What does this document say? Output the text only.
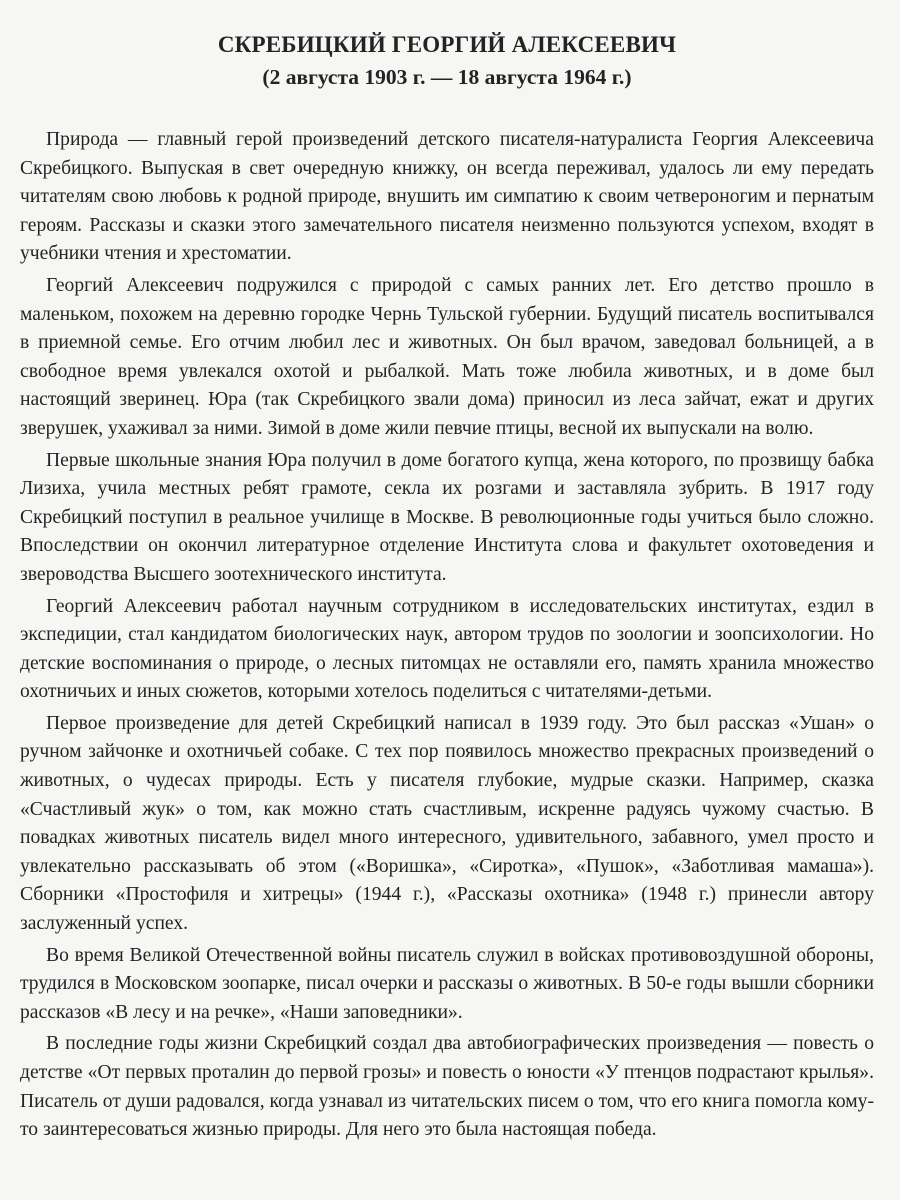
СКРЕБИЦКИЙ ГЕОРГИЙ АЛЕКСЕЕВИЧ
(2 августа 1903 г. — 18 августа 1964 г.)

Природа — главный герой произведений детского писателя-натуралиста Георгия Алексеевича Скребицкого. Выпуская в свет очередную книжку, он всегда переживал, удалось ли ему передать читателям свою любовь к родной природе, внушить им симпатию к своим четвероногим и пернатым героям. Рассказы и сказки этого замечательного писателя неизменно пользуются успехом, входят в учебники чтения и хрестоматии.

Георгий Алексеевич подружился с природой с самых ранних лет. Его детство прошло в маленьком, похожем на деревню городке Чернь Тульской губернии. Будущий писатель воспитывался в приемной семье. Его отчим любил лес и животных. Он был врачом, заведовал больницей, а в свободное время увлекался охотой и рыбалкой. Мать тоже любила животных, и в доме был настоящий зверинец. Юра (так Скребицкого звали дома) приносил из леса зайчат, ежат и других зверушек, ухаживал за ними. Зимой в доме жили певчие птицы, весной их выпускали на волю.

Первые школьные знания Юра получил в доме богатого купца, жена которого, по прозвищу бабка Лизиха, учила местных ребят грамоте, секла их розгами и заставляла зубрить. В 1917 году Скребицкий поступил в реальное училище в Москве. В революционные годы учиться было сложно. Впоследствии он окончил литературное отделение Института слова и факультет охотоведения и звероводства Высшего зоотехнического института.

Георгий Алексеевич работал научным сотрудником в исследовательских институтах, ездил в экспедиции, стал кандидатом биологических наук, автором трудов по зоологии и зоопсихологии. Но детские воспоминания о природе, о лесных питомцах не оставляли его, память хранила множество охотничьих и иных сюжетов, которыми хотелось поделиться с читателями-детьми.

Первое произведение для детей Скребицкий написал в 1939 году. Это был рассказ «Ушан» о ручном зайчонке и охотничьей собаке. С тех пор появилось множество прекрасных произведений о животных, о чудесах природы. Есть у писателя глубокие, мудрые сказки. Например, сказка «Счастливый жук» о том, как можно стать счастливым, искренне радуясь чужому счастью. В повадках животных писатель видел много интересного, удивительного, забавного, умел просто и увлекательно рассказывать об этом («Воришка», «Сиротка», «Пушок», «Заботливая мамаша»). Сборники «Простофиля и хитрецы» (1944 г.), «Рассказы охотника» (1948 г.) принесли автору заслуженный успех.

Во время Великой Отечественной войны писатель служил в войсках противовоздушной обороны, трудился в Московском зоопарке, писал очерки и рассказы о животных. В 50-е годы вышли сборники рассказов «В лесу и на речке», «Наши заповедники».

В последние годы жизни Скребицкий создал два автобиографических произведения — повесть о детстве «От первых проталин до первой грозы» и повесть о юности «У птенцов подрастают крылья». Писатель от души радовался, когда узнавал из читательских писем о том, что его книга помогла кому-то заинтересоваться жизнью природы. Для него это была настоящая победа.
